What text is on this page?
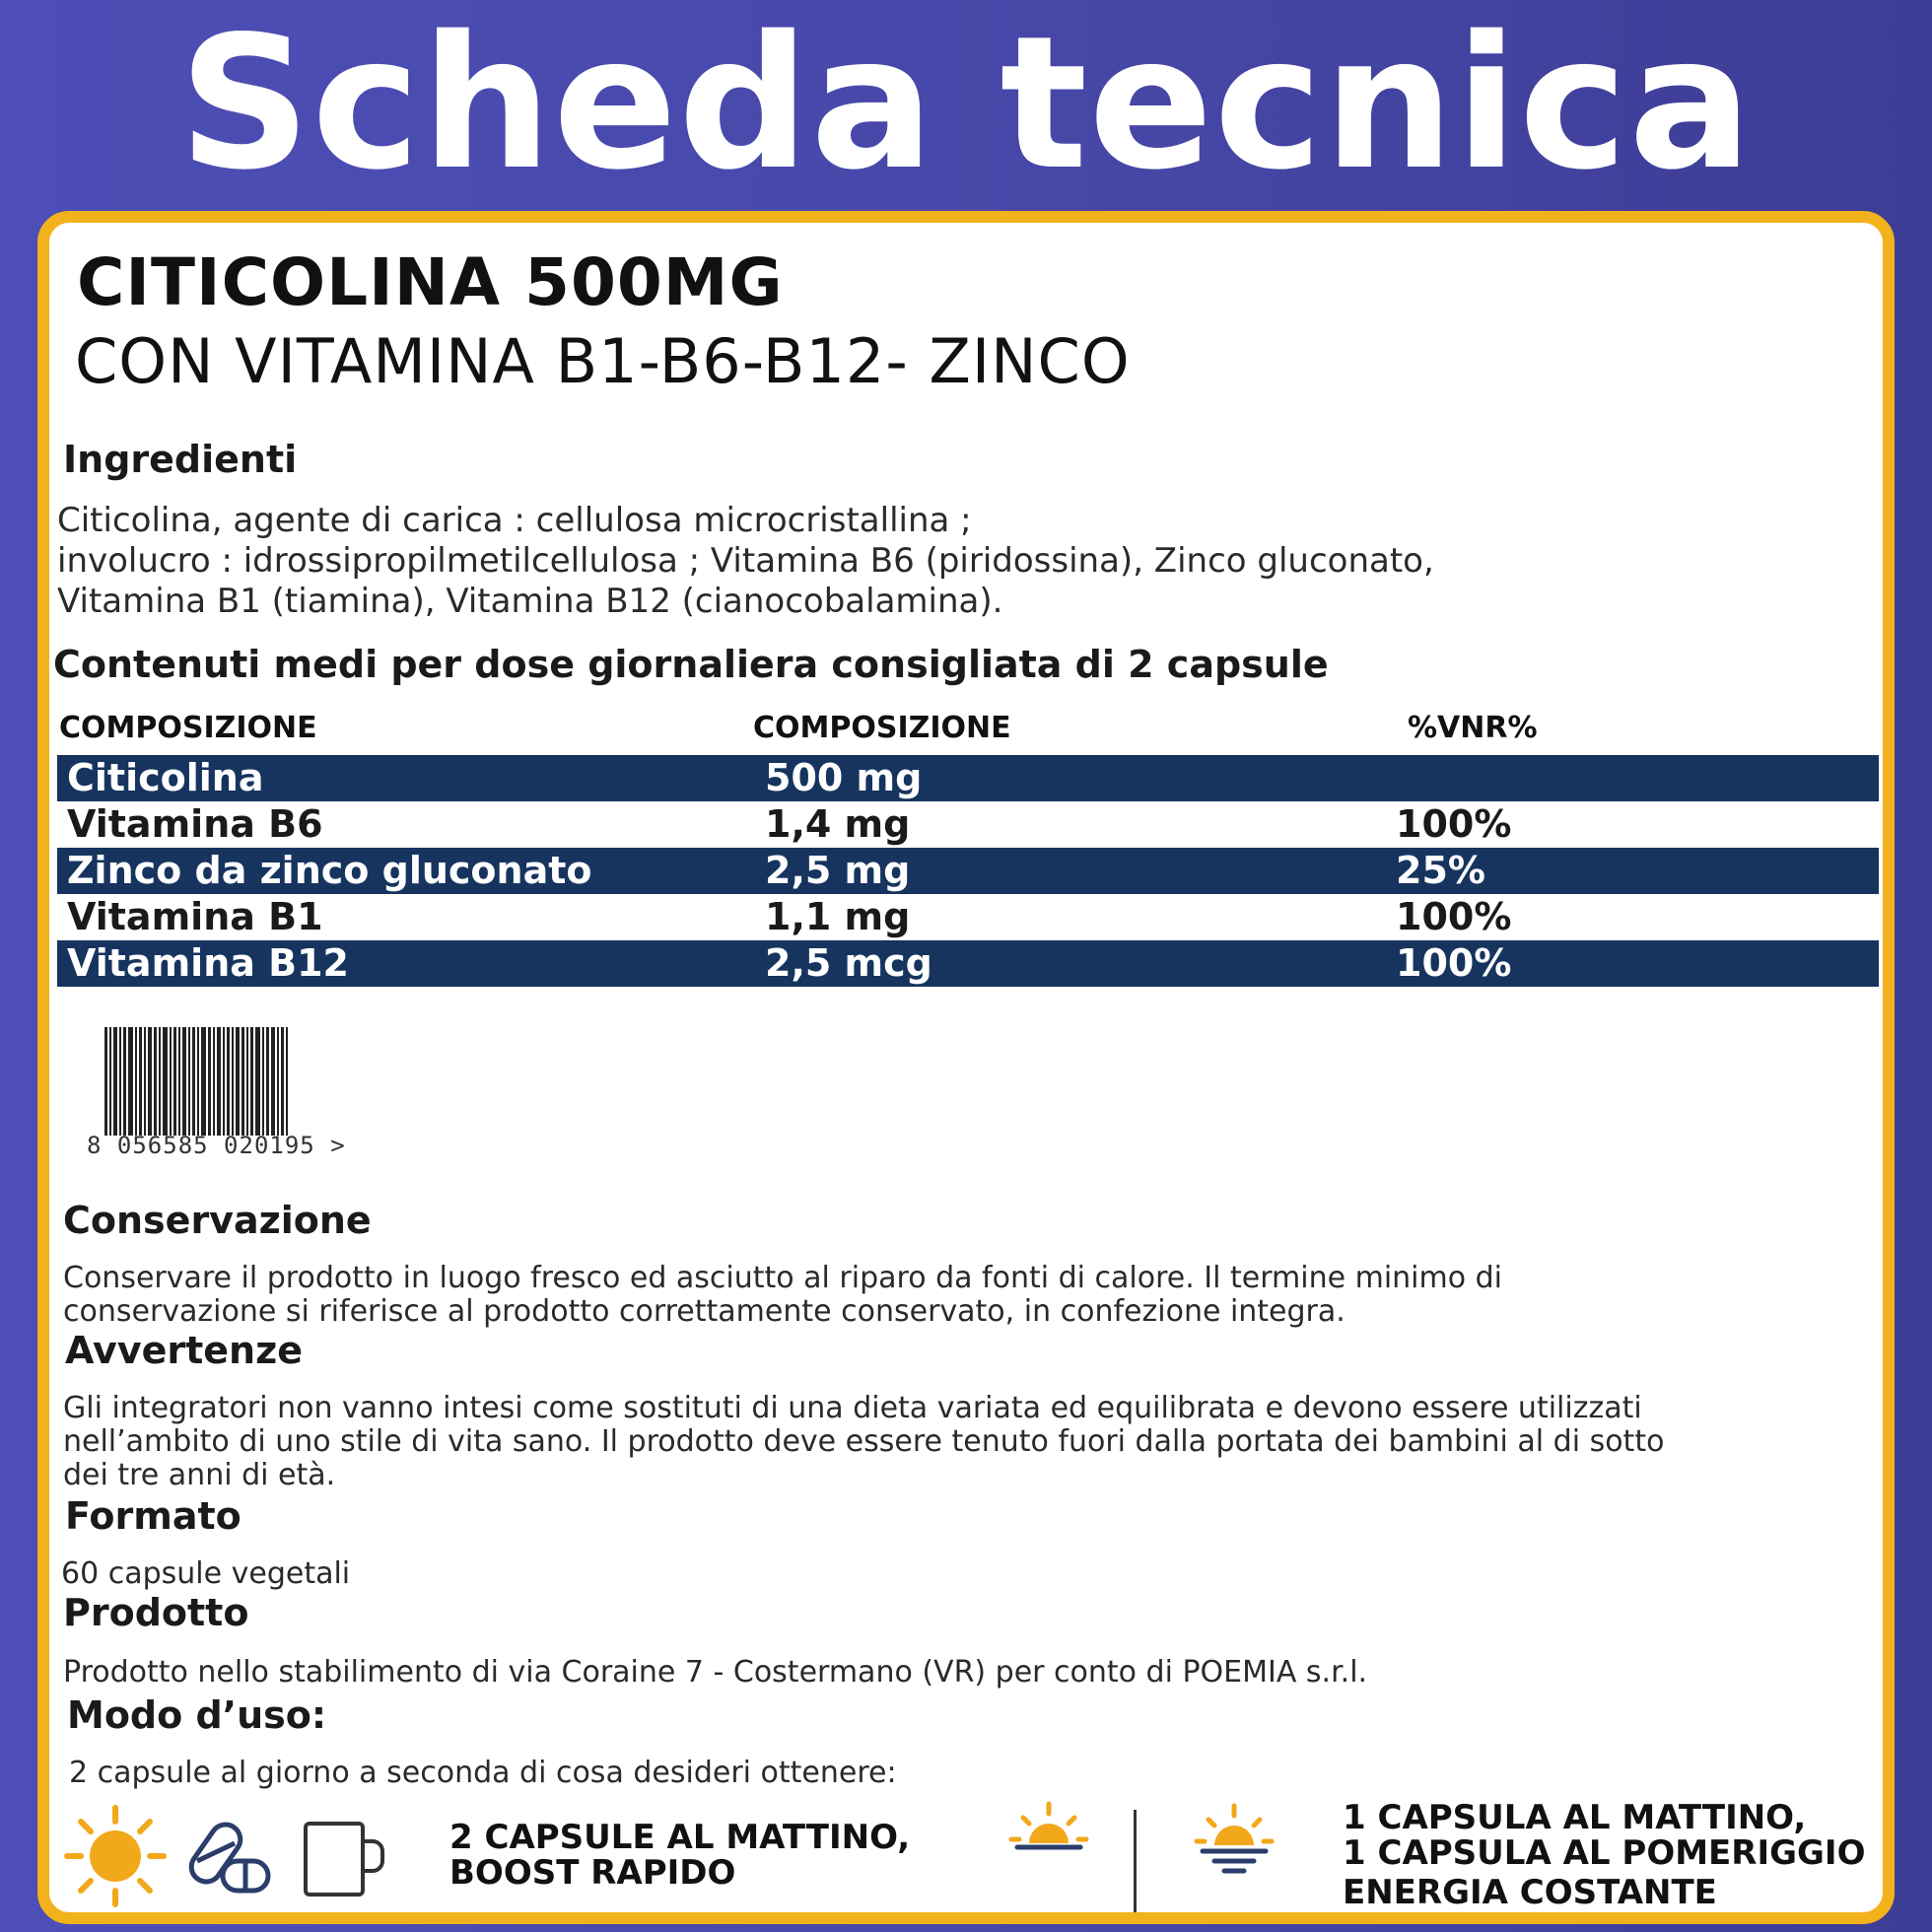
Scheda tecnica
CITICOLINA 500MG
CON VITAMINA B1-B6-B12- ZINCO
Ingredienti
Citicolina, agente di carica : cellulosa microcristallina ;
involucro : idrossipropilmetilcellulosa ; Vitamina B6 (piridossina), Zinco gluconato,
Vitamina B1 (tiamina), Vitamina B12 (cianocobalamina).
Contenuti medi per dose giornaliera consigliata di 2 capsule
COMPOSIZIONE	COMPOSIZIONE	%VNR%
Citicolina	500 mg
Vitamina B6	1,4 mg	100%
Zinco da zinco gluconato	2,5 mg	25%
Vitamina B1	1,1 mg	100%
Vitamina B12	2,5 mcg	100%
8 056585 020195 >
Conservazione
Conservare il prodotto in luogo fresco ed asciutto al riparo da fonti di calore. Il termine minimo di
conservazione si riferisce al prodotto correttamente conservato, in confezione integra.
Avvertenze
Gli integratori non vanno intesi come sostituti di una dieta variata ed equilibrata e devono essere utilizzati
nell’ambito di uno stile di vita sano. Il prodotto deve essere tenuto fuori dalla portata dei bambini al di sotto
dei tre anni di età.
Formato
60 capsule vegetali
Prodotto
Prodotto nello stabilimento di via Coraine 7 - Costermano (VR) per conto di POEMIA s.r.l.
Modo d’uso:
2 capsule al giorno a seconda di cosa desideri ottenere:
2 CAPSULE AL MATTINO,
BOOST RAPIDO
1 CAPSULA AL MATTINO,
1 CAPSULA AL POMERIGGIO
ENERGIA COSTANTE
